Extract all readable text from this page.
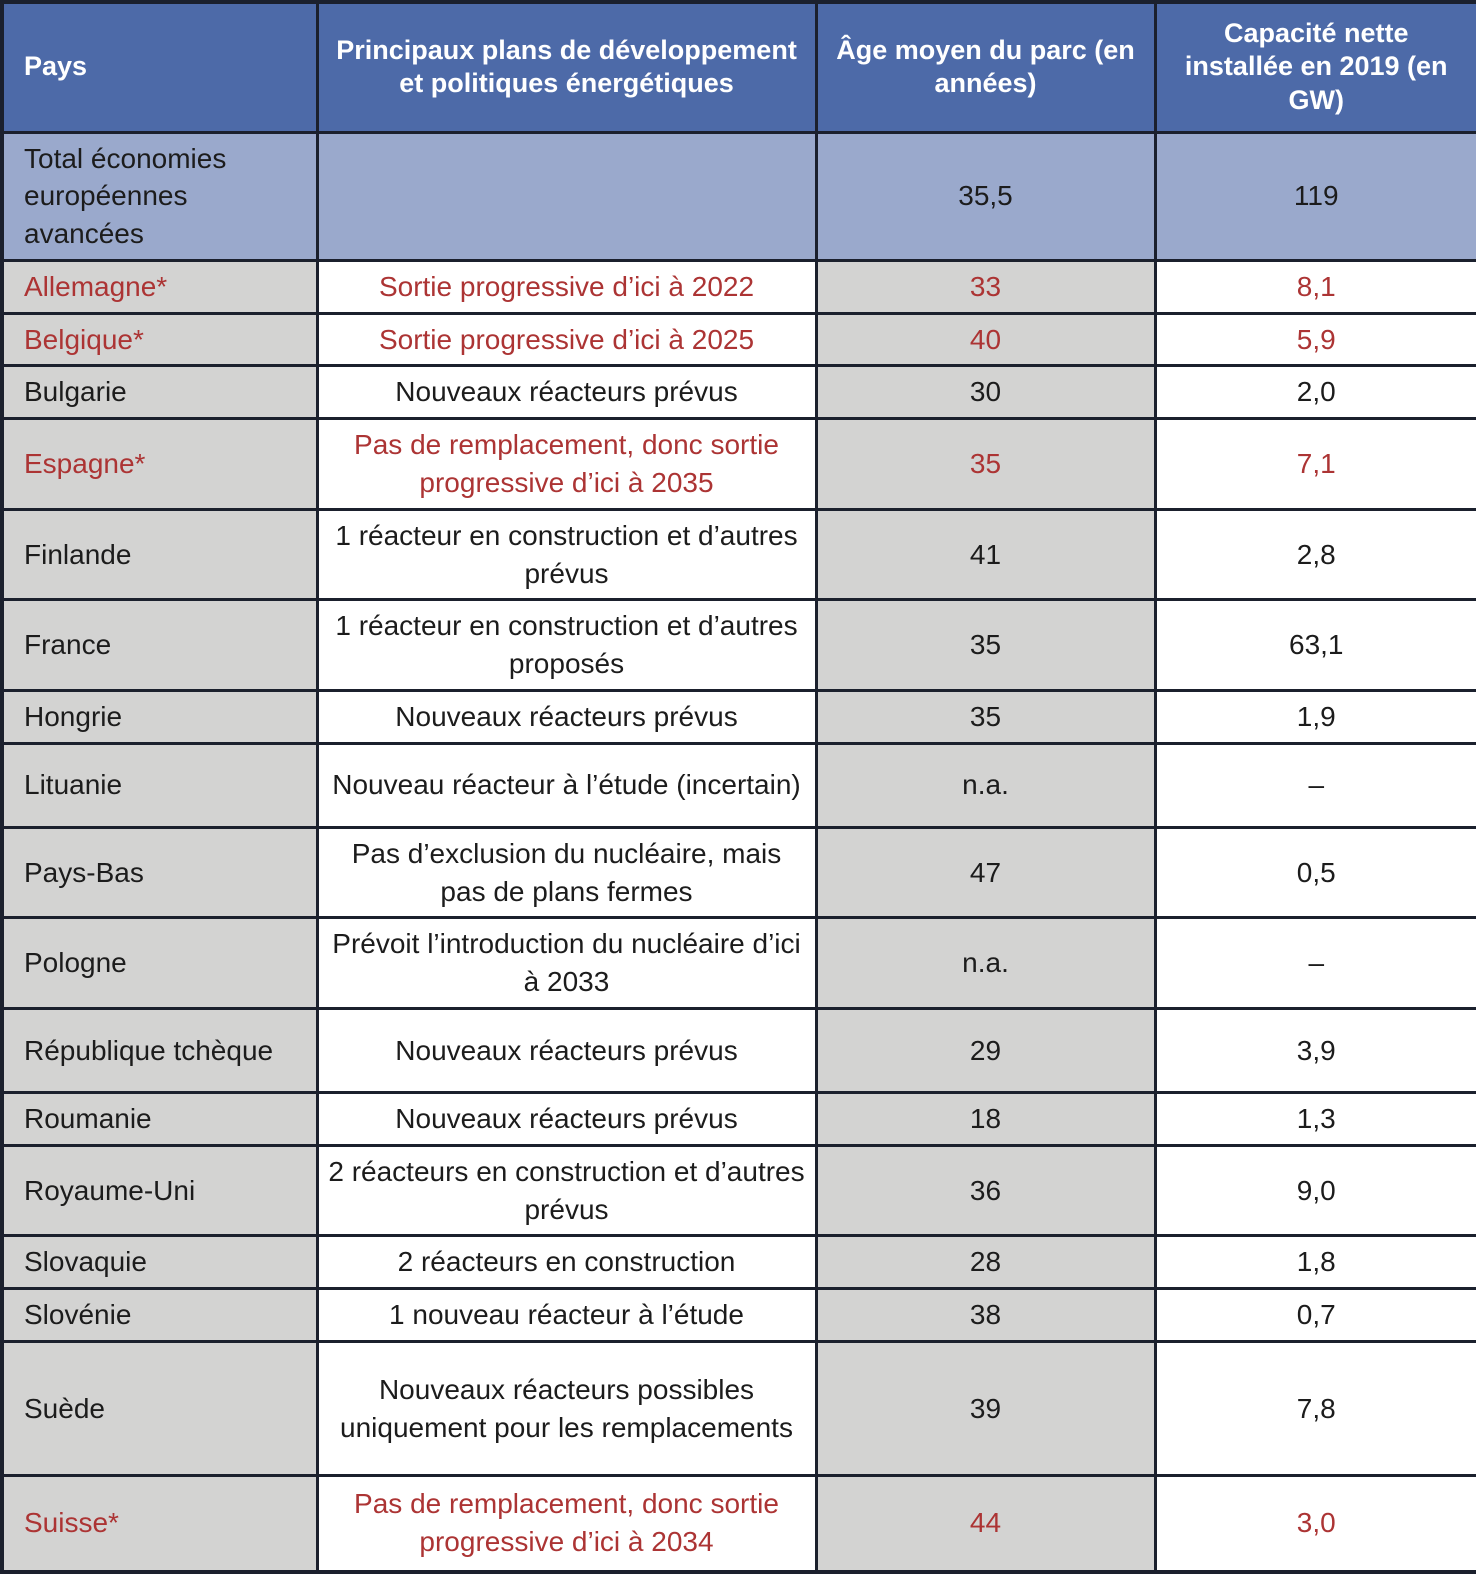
Pays	Principaux plans de développement et politiques énergétiques	Âge moyen du parc (en années)	Capacité nette installée en 2019 (en GW)
Total économies européennes avancées		35,5	119
Allemagne*	Sortie progressive d’ici à 2022	33	8,1
Belgique*	Sortie progressive d’ici à 2025	40	5,9
Bulgarie	Nouveaux réacteurs prévus	30	2,0
Espagne*	Pas de remplacement, donc sortie progressive d’ici à 2035	35	7,1
Finlande	1 réacteur en construction et d’autres prévus	41	2,8
France	1 réacteur en construction et d’autres proposés	35	63,1
Hongrie	Nouveaux réacteurs prévus	35	1,9
Lituanie	Nouveau réacteur à l’étude (incertain)	n.a.	–
Pays-Bas	Pas d’exclusion du nucléaire, mais pas de plans fermes	47	0,5
Pologne	Prévoit l’introduction du nucléaire d’ici à 2033	n.a.	–
République tchèque	Nouveaux réacteurs prévus	29	3,9
Roumanie	Nouveaux réacteurs prévus	18	1,3
Royaume-Uni	2 réacteurs en construction et d’autres prévus	36	9,0
Slovaquie	2 réacteurs en construction	28	1,8
Slovénie	1 nouveau réacteur à l’étude	38	0,7
Suède	Nouveaux réacteurs possibles uniquement pour les remplacements	39	7,8
Suisse*	Pas de remplacement, donc sortie progressive d’ici à 2034	44	3,0
